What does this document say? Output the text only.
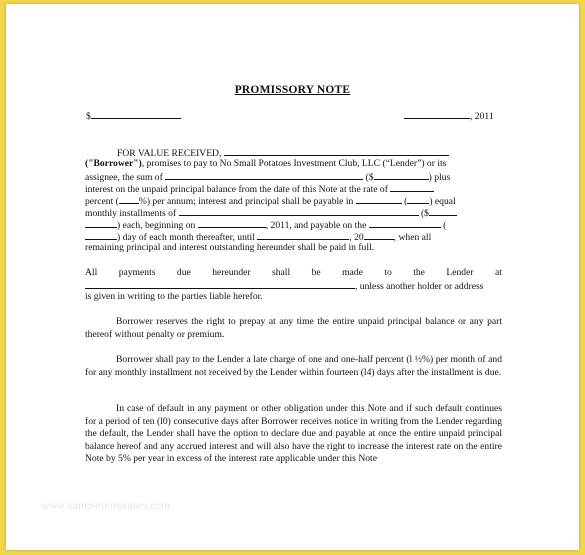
PROMISSORY NOTE
$	, 2011
FOR VALUE RECEIVED,
("Borrower"), promises to pay to No Small Potatoes Investment Club, LLC (“Lender”) or its
assignee, the sum of	($	) plus
interest on the unpaid principal balance from the date of this Note at the rate of
percent ( %) per annum; interest and principal shall be payable in	( ) equal
monthly installments of	($
) each, beginning on	, 2011, and payable on the	(
) day of each month thereafter, until	, 20	, when all
remaining principal and interest outstanding hereunder shall be paid in full.
All payments due hereunder shall be made to the Lender at
, unless another holder or address
is given in writing to the parties liable herefor.
Borrower reserves the right to prepay at any time the entire unpaid principal balance or any part thereof without penalty or premium.
Borrower shall pay to the Lender a late charge of one and one-half percent (l ½%) per month of and for any monthly installment not received by the Lender within fourteen (l4) days after the installment is due.
In case of default in any payment or other obligation under this Note and if such default continues for a period of ten (l0) consecutive days after Borrower receives notice in writing from the Lender regarding the default, the Lender shall have the option to declare due and payable at once the entire unpaid principal balance hereof and any accrued interest and will also have the right to increase the interest rate on the entire Note by 5% per year in excess of the interest rate applicable under this Note
www.sampletemplates.com
